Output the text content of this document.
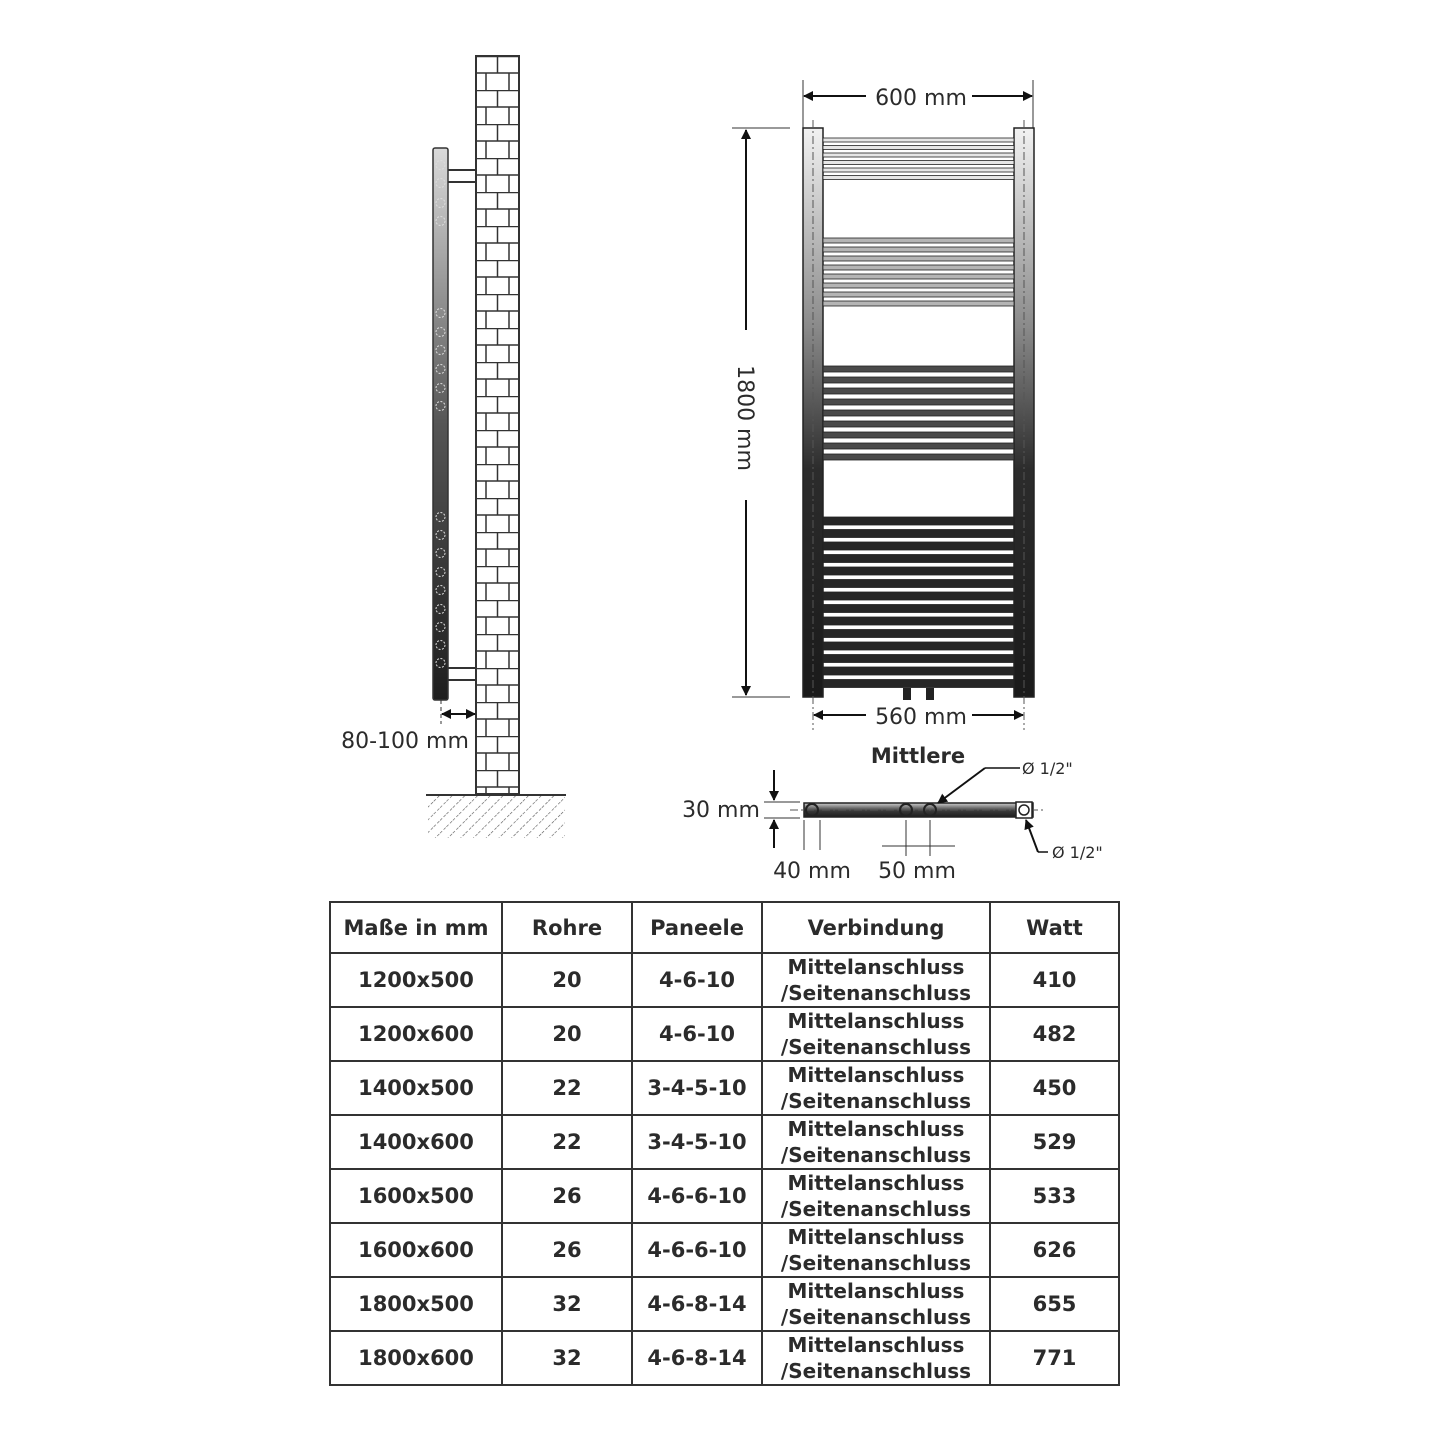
80-100 mm
600 mm
1800 mm
560 mm
Mittlere
Ø 1/2"
Ø 1/2"
30 mm
40 mm 50 mm
Maße in mm	Rohre	Paneele	Verbindung	Watt
1200x500	20	4-6-10	Mittelanschluss
/Seitenanschluss	410
1200x600	20	4-6-10	Mittelanschluss
/Seitenanschluss	482
1400x500	22	3-4-5-10	Mittelanschluss
/Seitenanschluss	450
1400x600	22	3-4-5-10	Mittelanschluss
/Seitenanschluss	529
1600x500	26	4-6-6-10	Mittelanschluss
/Seitenanschluss	533
1600x600	26	4-6-6-10	Mittelanschluss
/Seitenanschluss	626
1800x500	32	4-6-8-14	Mittelanschluss
/Seitenanschluss	655
1800x600	32	4-6-8-14	Mittelanschluss
/Seitenanschluss	771
